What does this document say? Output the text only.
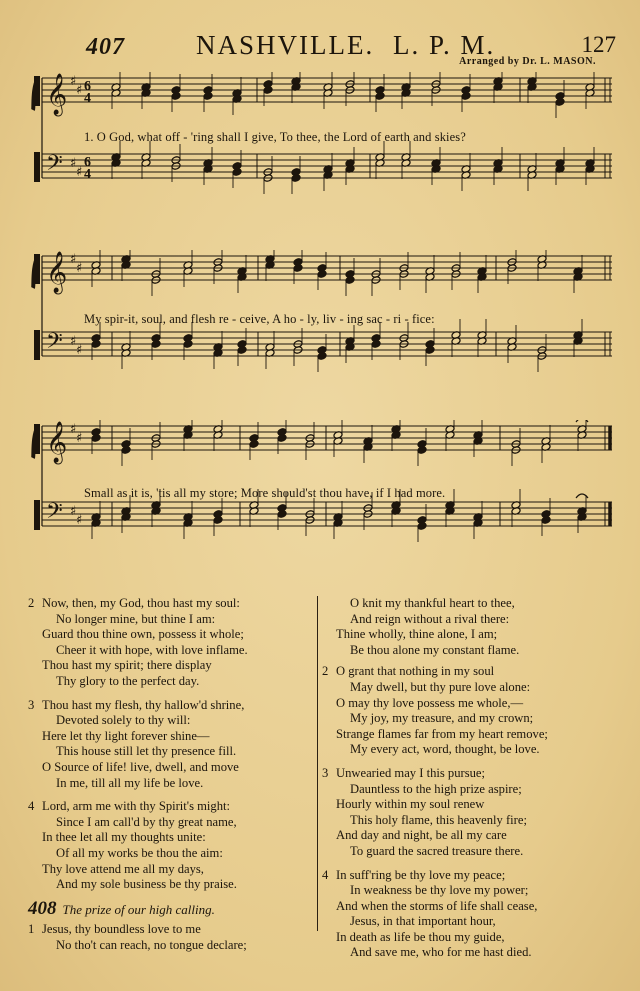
407	NASHVILLE. L. P. M.	127
Arranged by Dr. L. MASON.
𝄞
𝄢
♯
♯
♯
♯
6
4
6
4
1. O God, what off - 'ring shall I give, To thee, the Lord of earth and skies?
𝄞
𝄢
♯
♯
♯
♯
My spir-it, soul, and flesh re - ceive, A ho - ly, liv - ing sac - ri - fice:
𝄞
𝄢
♯
♯
♯
♯
Small as it is, 'tis all my store; More should'st thou have, if I had more.
2 Now, then, my God, thou hast my soul:
No longer mine, but thine I am:
Guard thou thine own, possess it whole;
Cheer it with hope, with love inflame.
Thou hast my spirit; there display
Thy glory to the perfect day.
3 Thou hast my flesh, thy hallow'd shrine,
Devoted solely to thy will:
Here let thy light forever shine—
This house still let thy presence fill.
O Source of life! live, dwell, and move
In me, till all my life be love.
4 Lord, arm me with thy Spirit's might:
Since I am call'd by thy great name,
In thee let all my thoughts unite:
Of all my works be thou the aim:
Thy love attend me all my days,
And my sole business be thy praise.
408 The prize of our high calling.
1 Jesus, thy boundless love to me
No tho't can reach, no tongue declare;
O knit my thankful heart to thee,
And reign without a rival there:
Thine wholly, thine alone, I am;
Be thou alone my constant flame.
2 O grant that nothing in my soul
May dwell, but thy pure love alone:
O may thy love possess me whole,—
My joy, my treasure, and my crown;
Strange flames far from my heart remove;
My every act, word, thought, be love.
3 Unwearied may I this pursue;
Dauntless to the high prize aspire;
Hourly within my soul renew
This holy flame, this heavenly fire;
And day and night, be all my care
To guard the sacred treasure there.
4 In suff'ring be thy love my peace;
In weakness be thy love my power;
And when the storms of life shall cease,
Jesus, in that important hour,
In death as life be thou my guide,
And save me, who for me hast died.
